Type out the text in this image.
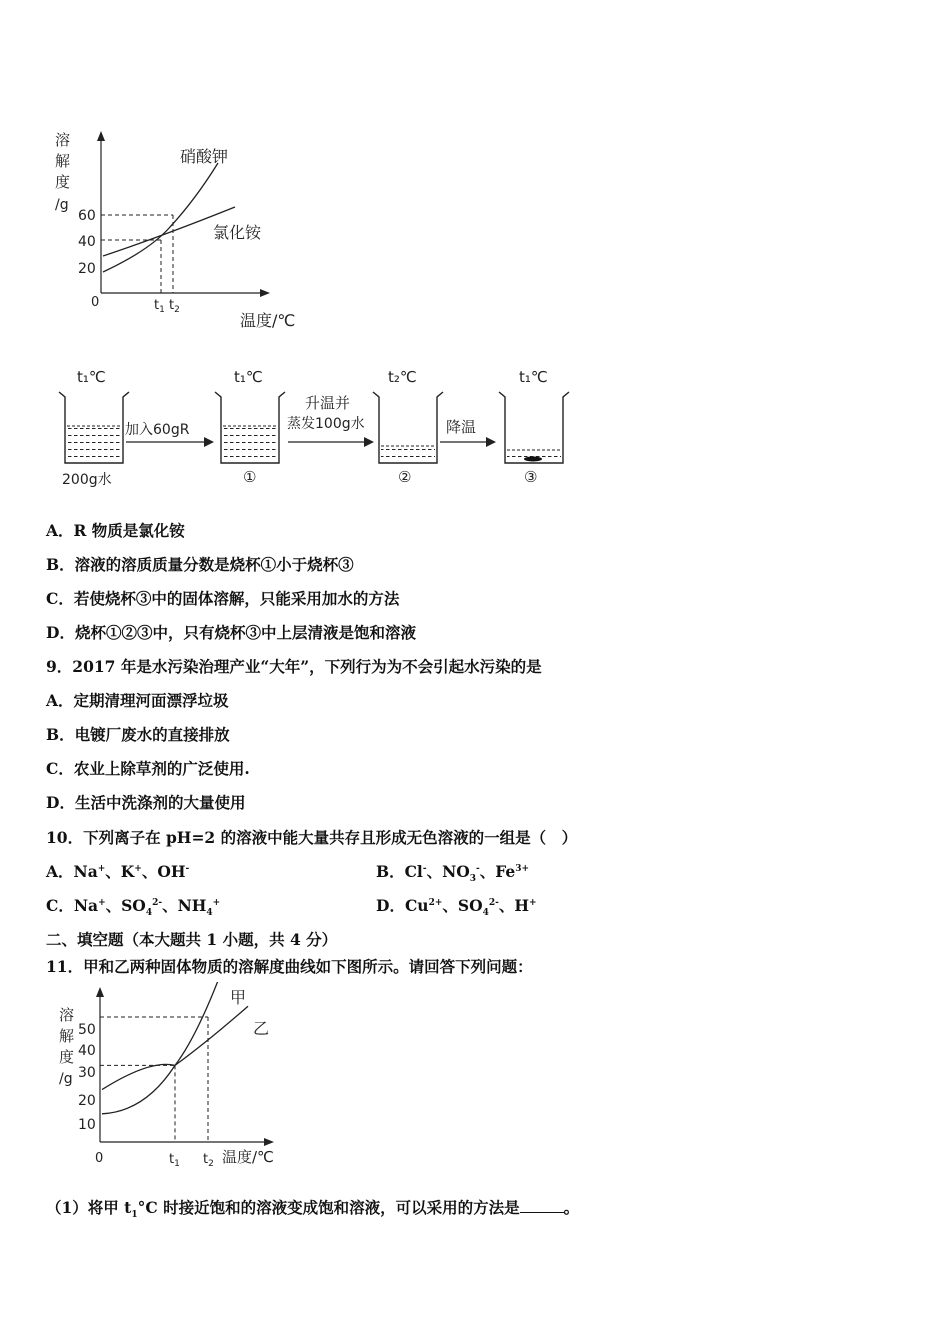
溶
解
度
/g
60
40
20
0
硝酸钾
氯化铵
$t_1$ $t_2$
温度/℃
t₁℃	t₁℃	t₂℃	t₁℃
200g水
加入60gR
①
升温并
蒸发100g水
②
降温
③
A．R 物质是氯化铵
B．溶液的溶质质量分数是烧杯①小于烧杯③
C．若使烧杯③中的固体溶解，只能采用加水的方法
D．烧杯①②③中，只有烧杯③中上层清液是饱和溶液
9．2017 年是水污染治理产业“大年”，下列行为为不会引起水污染的是
A．定期清理河面漂浮垃圾
B．电镀厂废水的直接排放
C．农业上除草剂的广泛使用.
D．生活中洗涤剂的大量使用
10．下列离子在 pH=2 的溶液中能大量共存且形成无色溶液的一组是（　）
A．Na+、K+、OH-	B．Cl-、$NO_3^-$、$Fe^{3+}$
C．Na+、$SO_4^{2-}$、$NH_4^+$	D．$Cu^{2+}$、$SO_4^{2-}$、H+
二、填空题（本大题共 1 小题，共 4 分）
11．甲和乙两种固体物质的溶解度曲线如下图所示。请回答下列问题：
溶
解
度
/g
50
40
30
20
10
0
甲
乙
$t_1$ $t_2$ 温度/℃
（1）将甲 $t_1^\circ C$ 时接近饱和的溶液变成饱和溶液，可以采用的方法是	。
